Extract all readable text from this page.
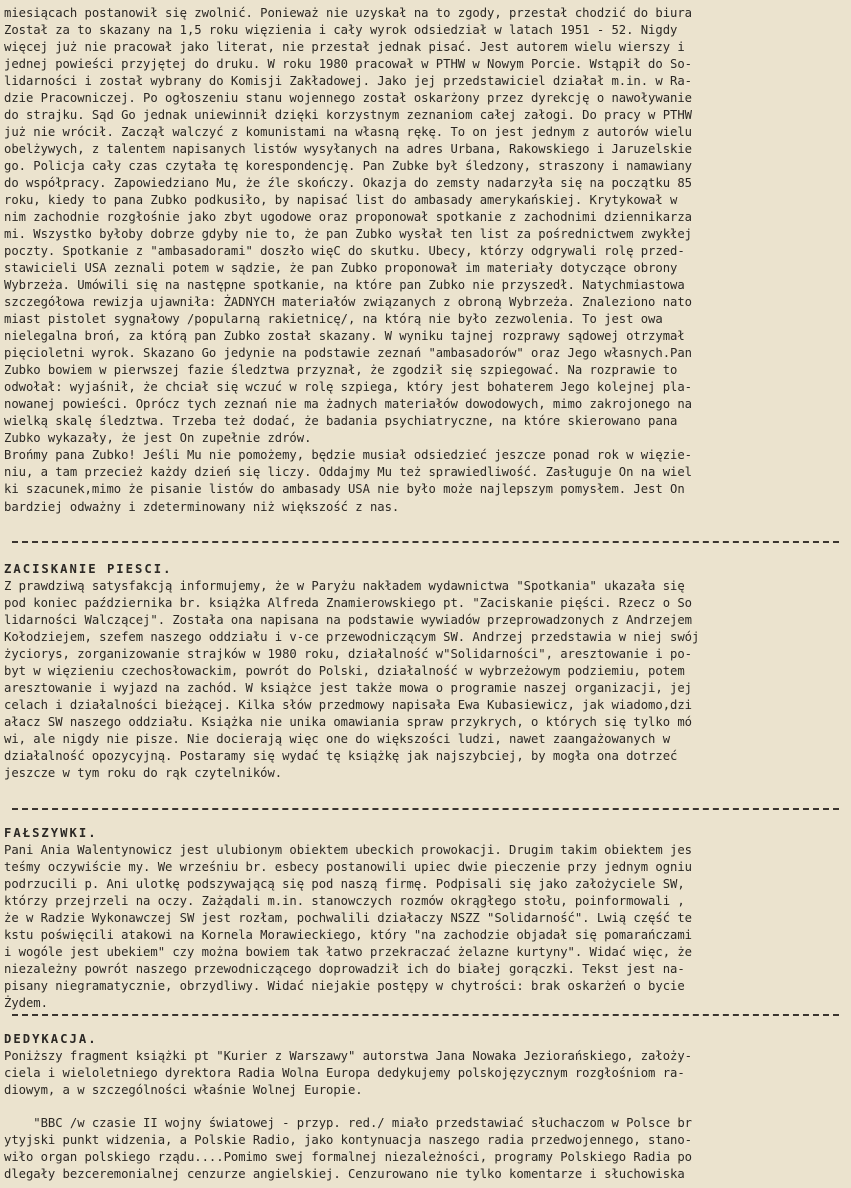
miesiącach postanowił się zwolnić. Ponieważ nie uzyskał na to zgody, przestał chodzić do biura
Został za to skazany na 1,5 roku więzienia i cały wyrok odsiedział w latach 1951 - 52. Nigdy
więcej już nie pracował jako literat, nie przestał jednak pisać. Jest autorem wielu wierszy i
jednej powieści przyjętej do druku. W roku 1980 pracował w PTHW w Nowym Porcie. Wstąpił do So-
lidarności i został wybrany do Komisji Zakładowej. Jako jej przedstawiciel działał m.in. w Ra-
dzie Pracowniczej. Po ogłoszeniu stanu wojennego został oskarżony przez dyrekcję o nawoływanie
do strajku. Sąd Go jednak uniewinnił dzięki korzystnym zeznaniom całej załogi. Do pracy w PTHW
już nie wrócił. Zaczął walczyć z komunistami na własną rękę. To on jest jednym z autorów wielu
obelżywych, z talentem napisanych listów wysyłanych na adres Urbana, Rakowskiego i Jaruzelskie
go. Policja cały czas czytała tę korespondencję. Pan Zubke był śledzony, straszony i namawiany
do współpracy. Zapowiedziano Mu, że źle skończy. Okazja do zemsty nadarzyła się na początku 85
roku, kiedy to pana Zubko podkusiło, by napisać list do ambasady amerykańskiej. Krytykował w
nim zachodnie rozgłośnie jako zbyt ugodowe oraz proponował spotkanie z zachodnimi dziennikarza
mi. Wszystko byłoby dobrze gdyby nie to, że pan Zubko wysłał ten list za pośrednictwem zwykłej
poczty. Spotkanie z "ambasadorami" doszło więC do skutku. Ubecy, którzy odgrywali rolę przed-
stawicieli USA zeznali potem w sądzie, że pan Zubko proponował im materiały dotyczące obrony
Wybrzeża. Umówili się na następne spotkanie, na które pan Zubko nie przyszedł. Natychmiastowa
szczegółowa rewizja ujawniła: ŻADNYCH materiałów związanych z obroną Wybrzeża. Znaleziono nato
miast pistolet sygnałowy /popularną rakietnicę/, na którą nie było zezwolenia. To jest owa
nielegalna broń, za którą pan Zubko został skazany. W wyniku tajnej rozprawy sądowej otrzymał
pięcioletni wyrok. Skazano Go jedynie na podstawie zeznań "ambasadorów" oraz Jego własnych.Pan
Zubko bowiem w pierwszej fazie śledztwa przyznał, że zgodził się szpiegować. Na rozprawie to
odwołał: wyjaśnił, że chciał się wczuć w rolę szpiega, który jest bohaterem Jego kolejnej pla-
nowanej powieści. Oprócz tych zeznań nie ma żadnych materiałów dowodowych, mimo zakrojonego na
wielką skalę śledztwa. Trzeba też dodać, że badania psychiatryczne, na które skierowano pana
Zubko wykazały, że jest On zupełnie zdrów.
Brońmy pana Zubko! Jeśli Mu nie pomożemy, będzie musiał odsiedzieć jeszcze ponad rok w więzie-
niu, a tam przecież każdy dzień się liczy. Oddajmy Mu też sprawiedliwość. Zasługuje On na wiel
ki szacunek,mimo że pisanie listów do ambasady USA nie było może najlepszym pomysłem. Jest On
bardziej odważny i zdeterminowany niż większość z nas.
ZACISKANIE PIESCI.
Z prawdziwą satysfakcją informujemy, że w Paryżu nakładem wydawnictwa "Spotkania" ukazała się
pod koniec października br. książka Alfreda Znamierowskiego pt. "Zaciskanie pięści. Rzecz o So
lidarności Walczącej". Została ona napisana na podstawie wywiadów przeprowadzonych z Andrzejem
Kołodziejem, szefem naszego oddziału i v-ce przewodniczącym SW. Andrzej przedstawia w niej swój
życiorys, zorganizowanie strajków w 1980 roku, działalność w"Solidarności", aresztowanie i po-
byt w więzieniu czechosłowackim, powrót do Polski, działalność w wybrzeżowym podziemiu, potem
aresztowanie i wyjazd na zachód. W książce jest także mowa o programie naszej organizacji, jej
celach i działalności bieżącej. Kilka słów przedmowy napisała Ewa Kubasiewicz, jak wiadomo,dzi
ałacz SW naszego oddziału. Książka nie unika omawiania spraw przykrych, o których się tylko mó
wi, ale nigdy nie pisze. Nie docierają więc one do większości ludzi, nawet zaangażowanych w
działalność opozycyjną. Postaramy się wydać tę książkę jak najszybciej, by mogła ona dotrzeć
jeszcze w tym roku do rąk czytelników.
FAŁSZYWKI.
Pani Ania Walentynowicz jest ulubionym obiektem ubeckich prowokacji. Drugim takim obiektem jes
teśmy oczywiście my. We wrześniu br. esbecy postanowili upiec dwie pieczenie przy jednym ogniu
podrzucili p. Ani ulotkę podszywającą się pod naszą firmę. Podpisali się jako założyciele SW,
którzy przejrzeli na oczy. Zażądali m.in. stanowczych rozmów okrągłego stołu, poinformowali ,
że w Radzie Wykonawczej SW jest rozłam, pochwalili działaczy NSZZ "Solidarność". Lwią część te
kstu poświęcili atakowi na Kornela Morawieckiego, który "na zachodzie objadał się pomarańczami
i wogóle jest ubekiem" czy można bowiem tak łatwo przekraczać żelazne kurtyny". Widać więc, że
niezależny powrót naszego przewodniczącego doprowadził ich do białej gorączki. Tekst jest na-
pisany niegramatycznie, obrzydliwy. Widać niejakie postępy w chytrości: brak oskarżeń o bycie
Żydem.
DEDYKACJA.
Poniższy fragment książki pt "Kurier z Warszawy" autorstwa Jana Nowaka Jeziorańskiego, założy-
ciela i wieloletniego dyrektora Radia Wolna Europa dedykujemy polskojęzycznym rozgłośniom ra-
diowym, a w szczególności właśnie Wolnej Europie.
"BBC /w czasie II wojny światowej - przyp. red./ miało przedstawiać słuchaczom w Polsce br
ytyjski punkt widzenia, a Polskie Radio, jako kontynuacja naszego radia przedwojennego, stano-
wiło organ polskiego rządu....Pomimo swej formalnej niezależności, programy Polskiego Radia po
dlegały bezceremonialnej cenzurze angielskiej. Cenzurowano nie tylko komentarze i słuchowiska
